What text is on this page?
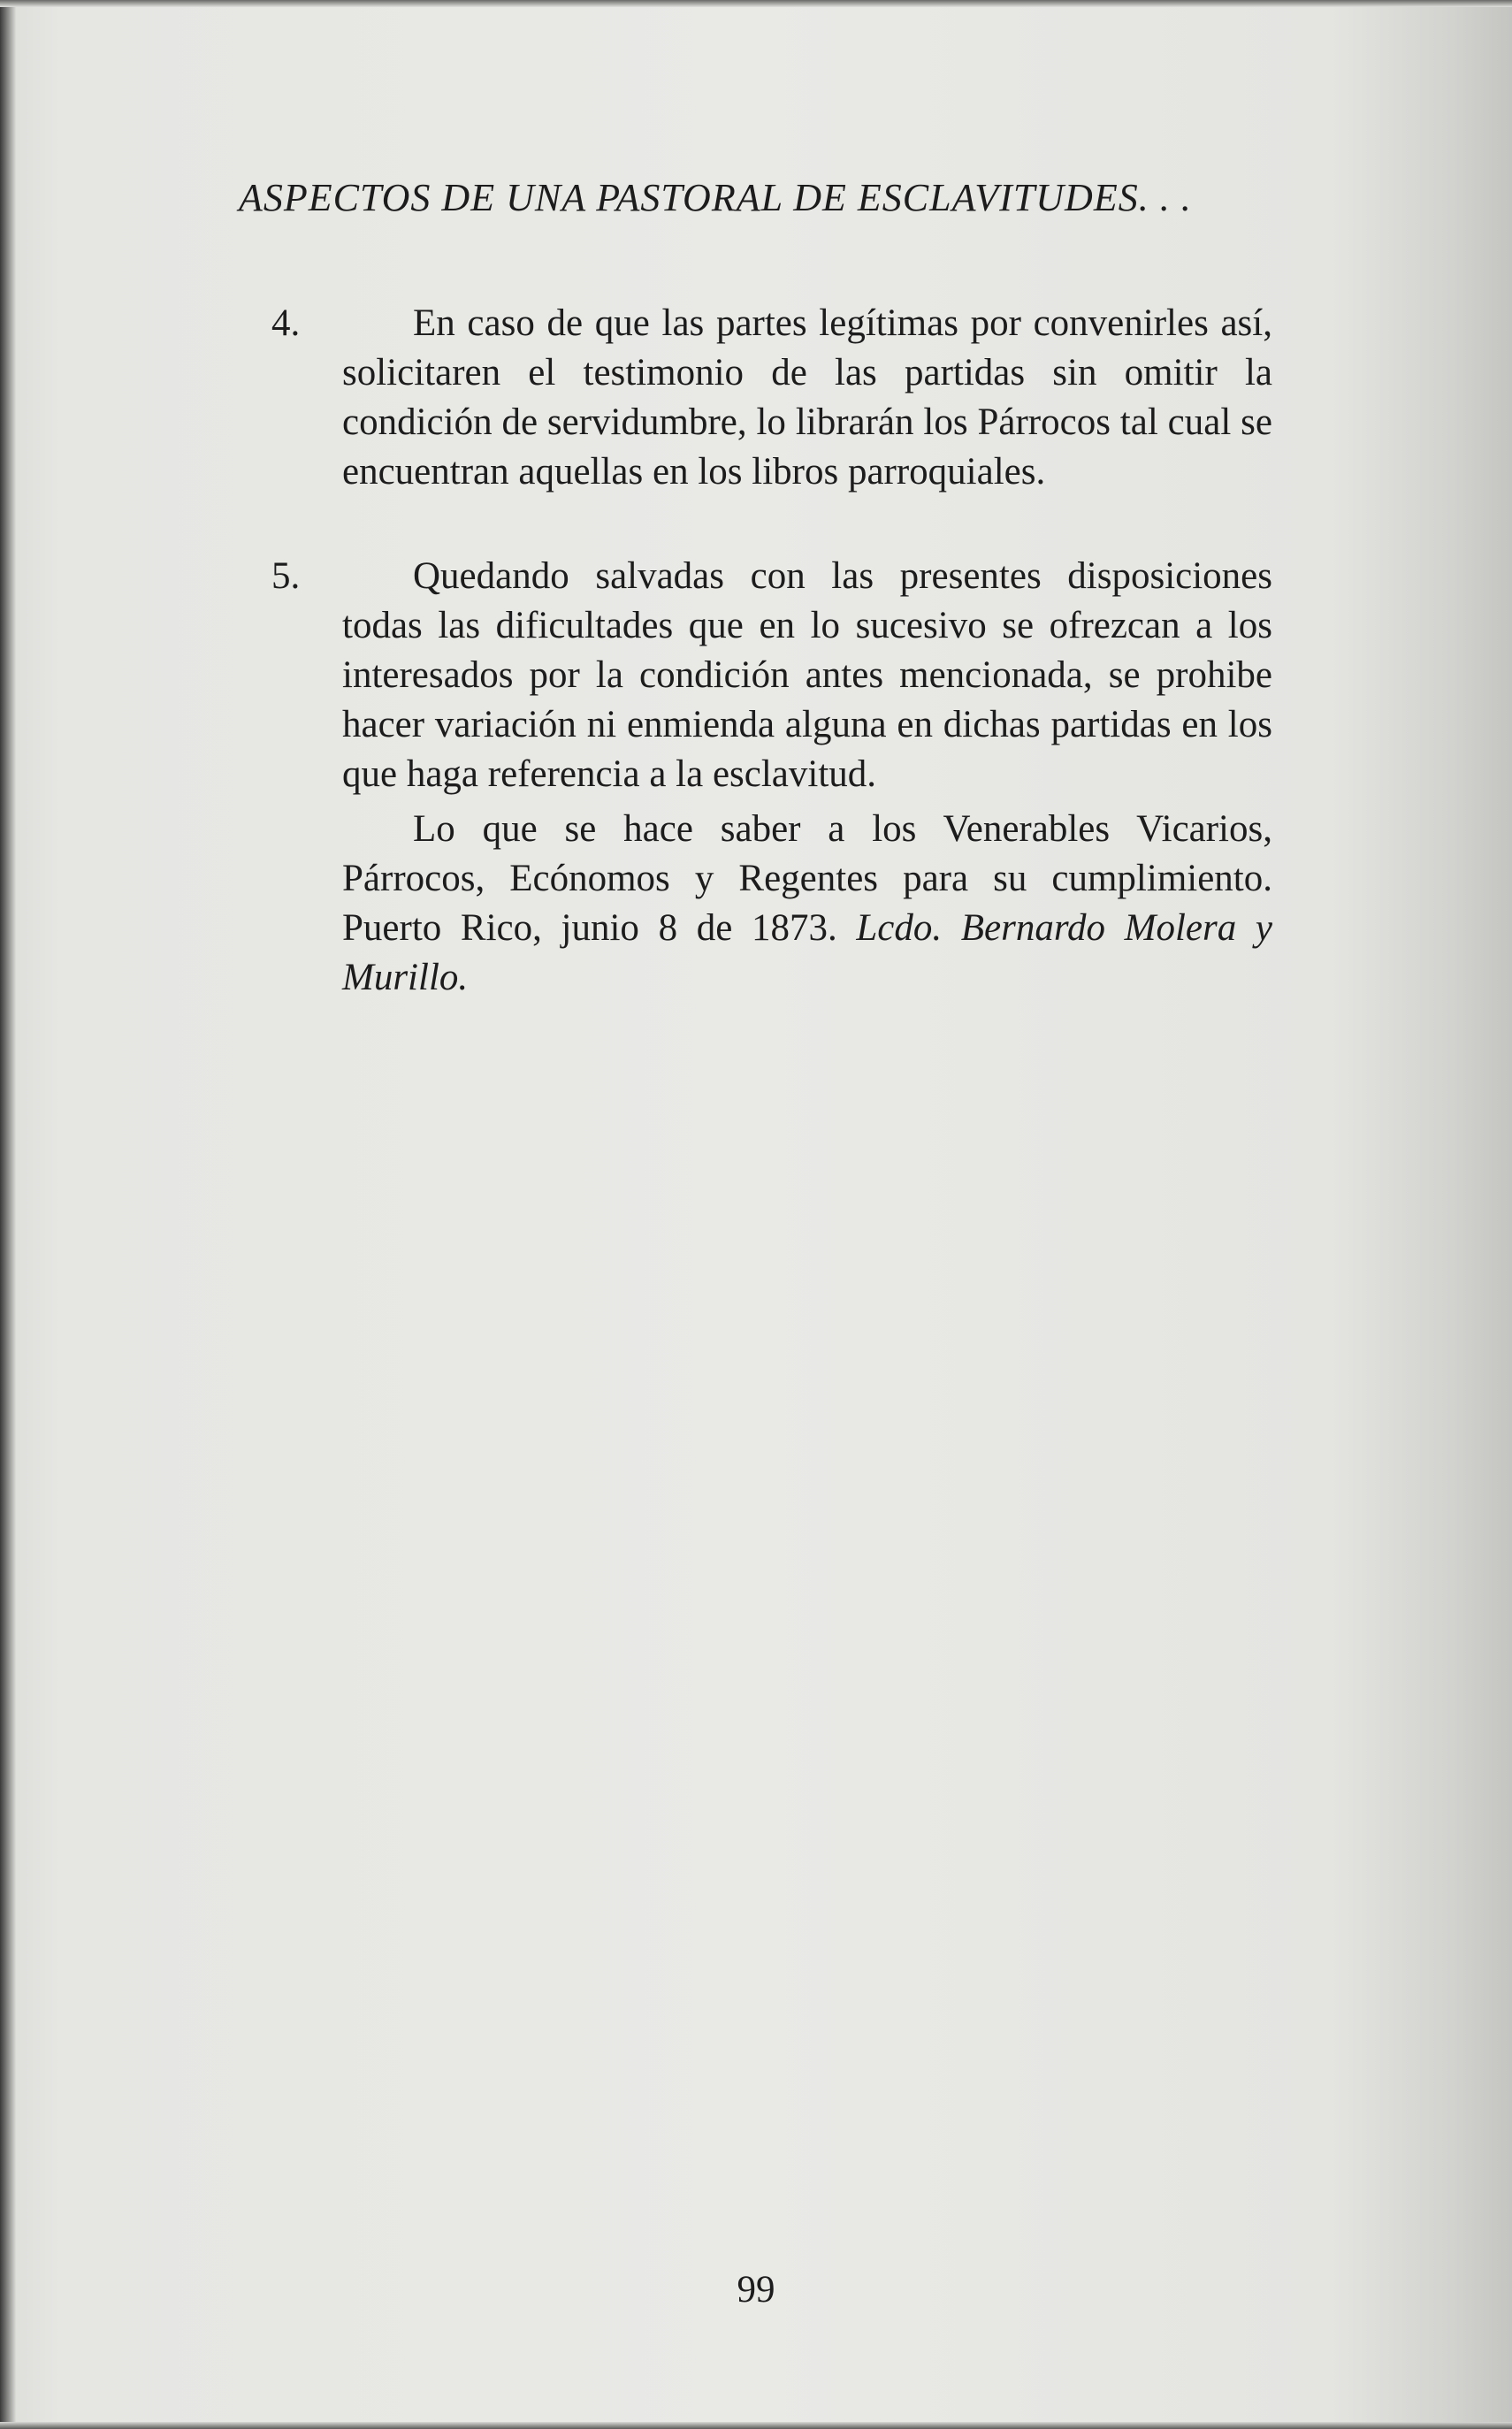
ASPECTOS DE UNA PASTORAL DE ESCLAVITUDES. . .
4.	En caso de que las partes legítimas por convenirles así, solicitaren el testimonio de las partidas sin omitir la condición de servidumbre, lo librarán los Párrocos tal cual se encuentran aquellas en los libros parroquiales.
5.	Quedando salvadas con las presentes disposiciones todas las dificultades que en lo sucesivo se ofrezcan a los interesados por la condición antes mencionada, se prohibe hacer variación ni enmienda alguna en dichas partidas en los que haga referencia a la esclavitud.
Lo que se hace saber a los Venerables Vicarios, Párrocos, Ecónomos y Regentes para su cumplimiento. Puerto Rico, junio 8 de 1873. Lcdo. Bernardo Molera y Murillo.
99
